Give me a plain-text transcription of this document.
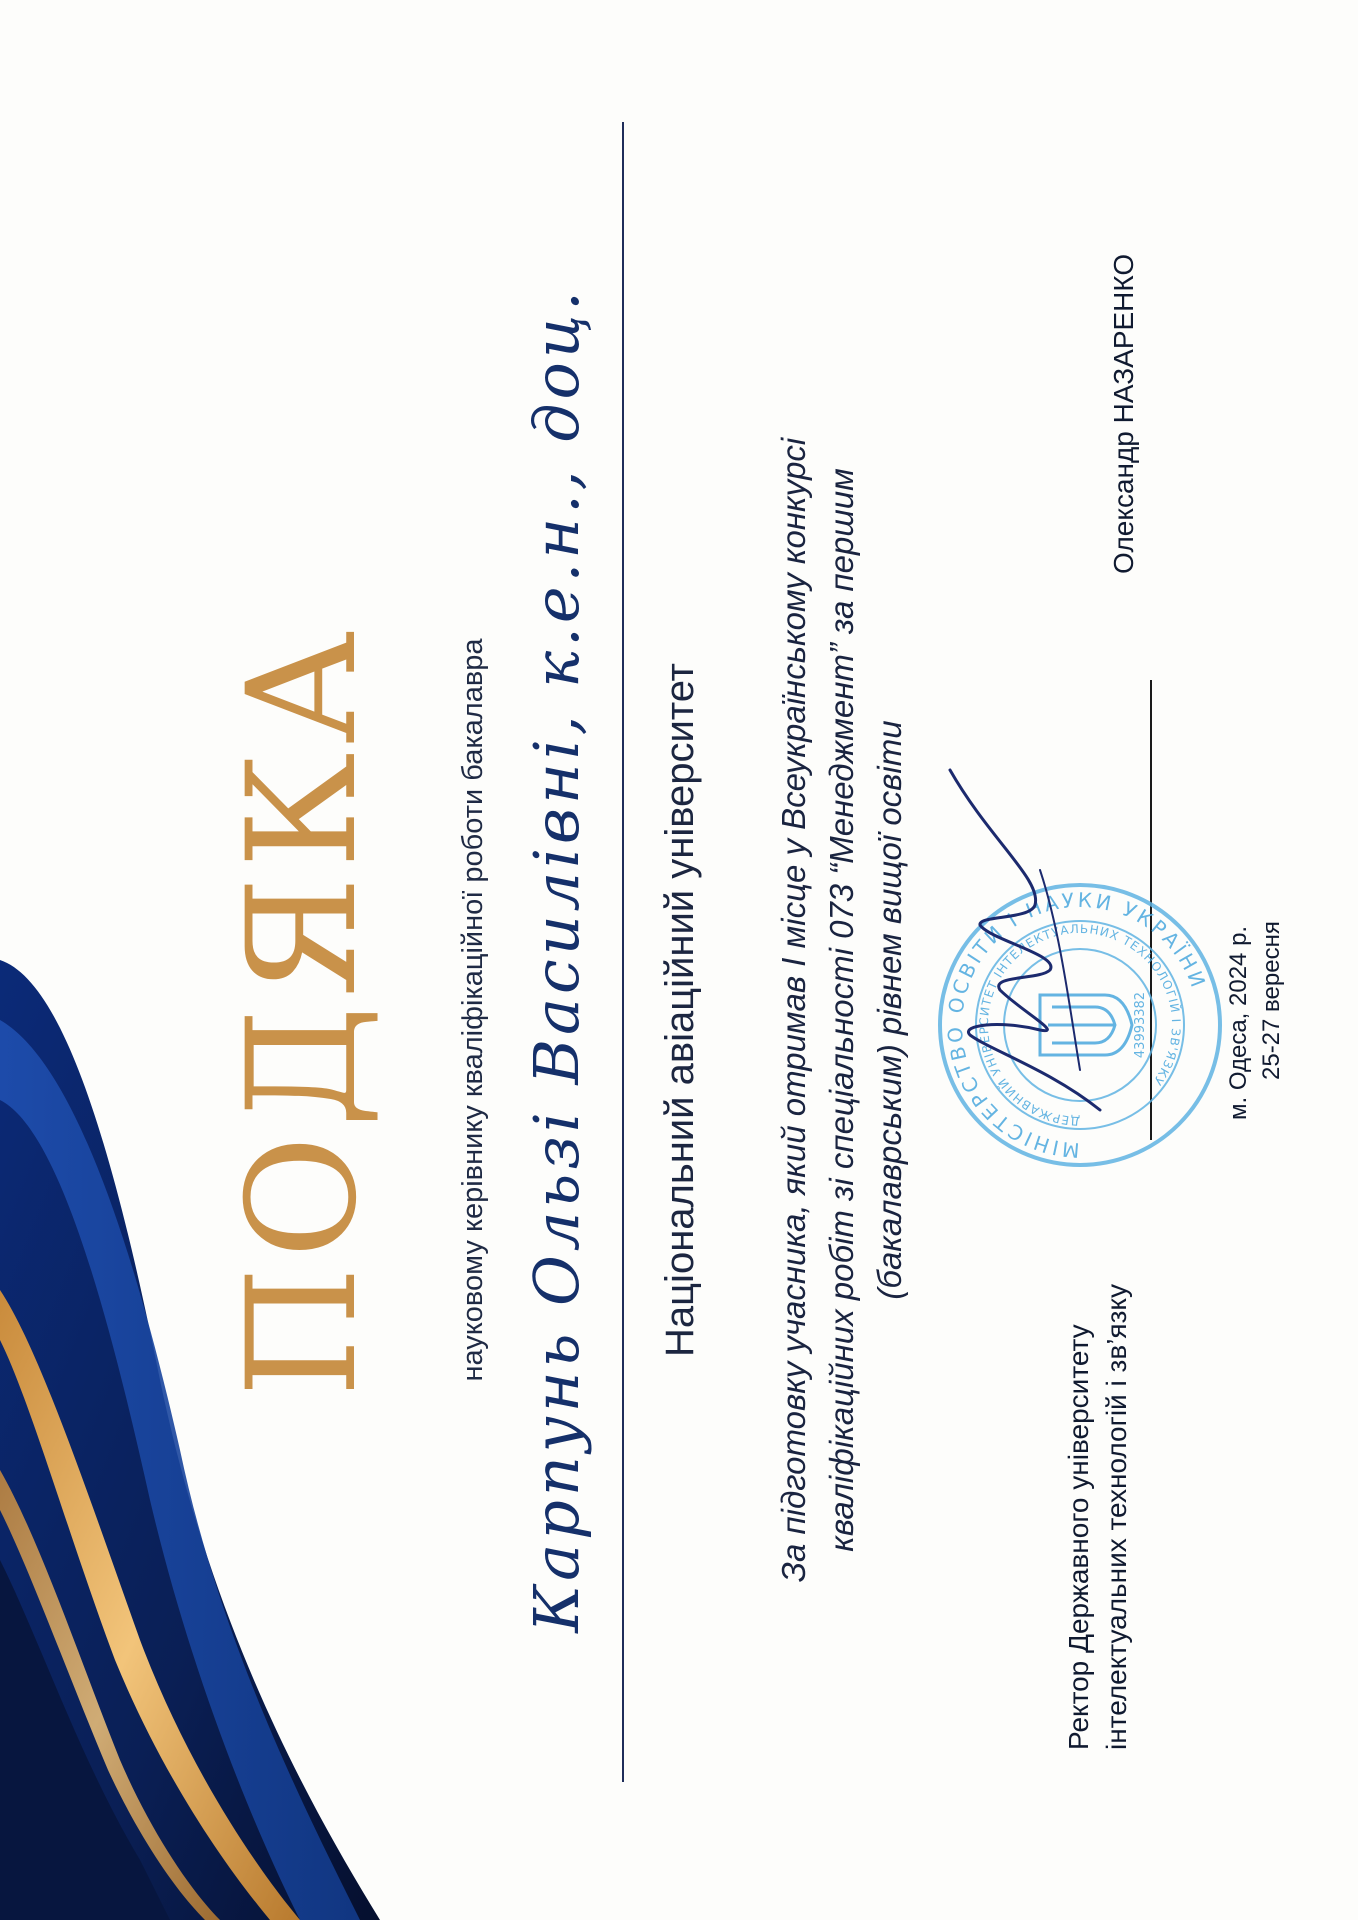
ПОДЯКА науковому керівнику кваліфікаційної роботи бакалавра Карпунь Ользі Василівні, к.е.н., доц. Національний авіаційний університет За підготовку учасника, який отримав I місце у Всеукраїнському конкурсі кваліфікаційних робіт зі спеціальності 073 “Менеджмент” за першим (бакалаврським) рівнем вищої освіти
Ректор Державного університету
інтелектуальних технологій і зв’язку
Олександр НАЗАРЕНКО
м. Одеса, 2024 р. 25-27 вересня
МІНІСТЕРСТВО ОСВІТИ І НАУКИ УКРАЇНИ
ДЕРЖАВНИЙ УНІВЕРСИТЕТ ІНТЕЛЕКТУАЛЬНИХ ТЕХНОЛОГІЙ І ЗВ'ЯЗКУ
43993382
